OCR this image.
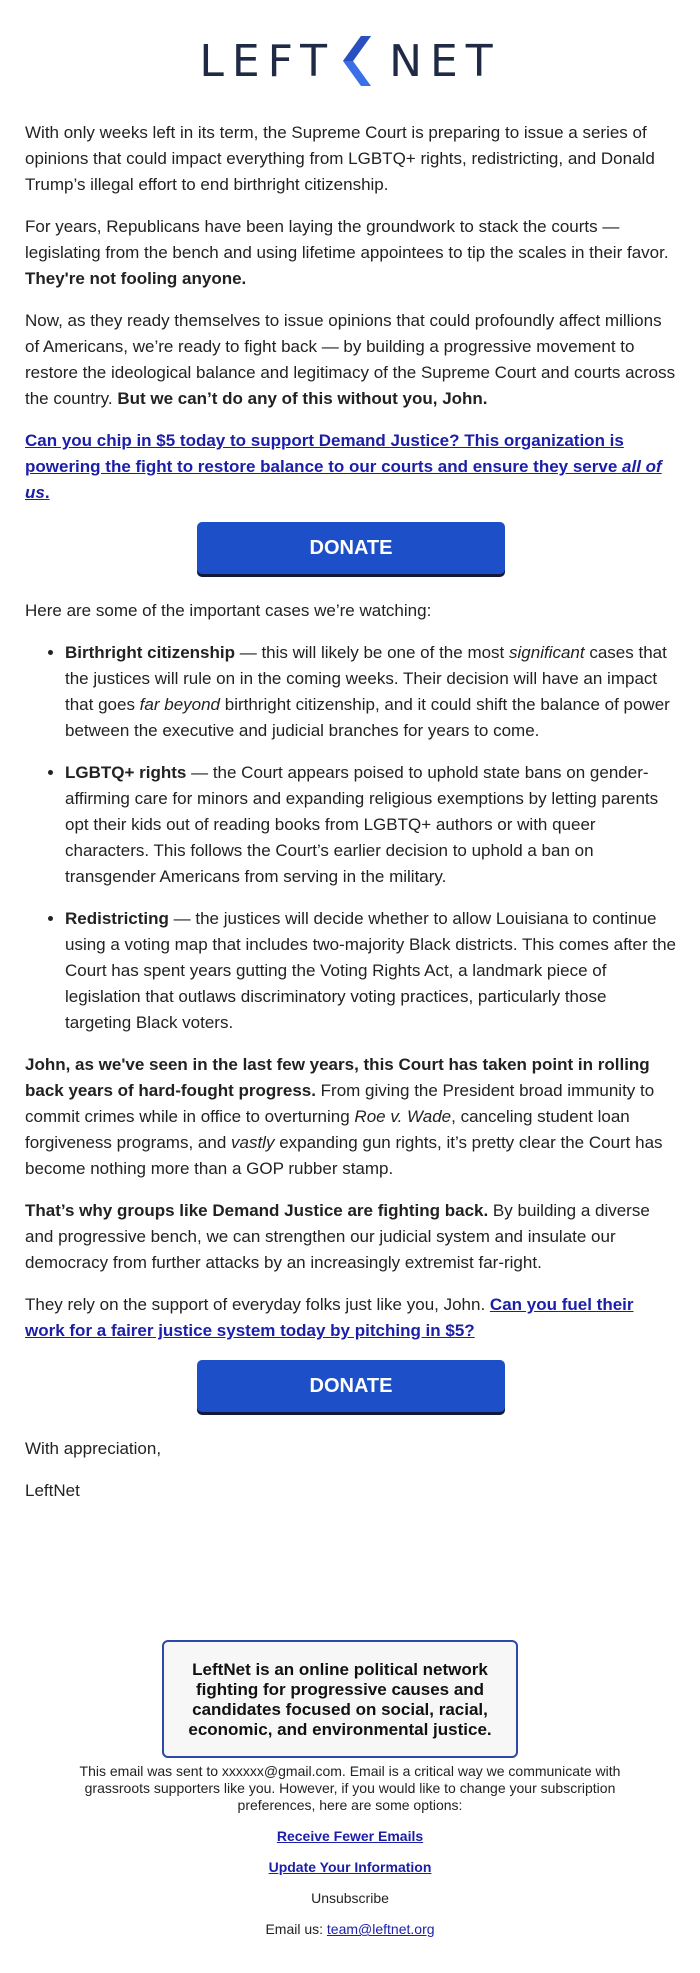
LEFT NET

With only weeks left in its term, the Supreme Court is preparing to issue a series of opinions that could impact everything from LGBTQ+ rights, redistricting, and Donald Trump’s illegal effort to end birthright citizenship.

For years, Republicans have been laying the groundwork to stack the courts — legislating from the bench and using lifetime appointees to tip the scales in their favor. They're not fooling anyone.

Now, as they ready themselves to issue opinions that could profoundly affect millions of Americans, we’re ready to fight back — by building a progressive movement to restore the ideological balance and legitimacy of the Supreme Court and courts across the country. But we can’t do any of this without you, John.

Can you chip in $5 today to support Demand Justice? This organization is powering the fight to restore balance to our courts and ensure they serve all of us.

DONATE

Here are some of the important cases we’re watching:

• Birthright citizenship — this will likely be one of the most significant cases that the justices will rule on in the coming weeks. Their decision will have an impact that goes far beyond birthright citizenship, and it could shift the balance of power between the executive and judicial branches for years to come.
• LGBTQ+ rights — the Court appears poised to uphold state bans on gender-affirming care for minors and expanding religious exemptions by letting parents opt their kids out of reading books from LGBTQ+ authors or with queer characters. This follows the Court’s earlier decision to uphold a ban on transgender Americans from serving in the military.
• Redistricting — the justices will decide whether to allow Louisiana to continue using a voting map that includes two-majority Black districts. This comes after the Court has spent years gutting the Voting Rights Act, a landmark piece of legislation that outlaws discriminatory voting practices, particularly those targeting Black voters.

John, as we've seen in the last few years, this Court has taken point in rolling back years of hard-fought progress. From giving the President broad immunity to commit crimes while in office to overturning Roe v. Wade, canceling student loan forgiveness programs, and vastly expanding gun rights, it’s pretty clear the Court has become nothing more than a GOP rubber stamp.

That’s why groups like Demand Justice are fighting back. By building a diverse and progressive bench, we can strengthen our judicial system and insulate our democracy from further attacks by an increasingly extremist far-right.

They rely on the support of everyday folks just like you, John. Can you fuel their work for a fairer justice system today by pitching in $5?

DONATE

With appreciation,

LeftNet

LeftNet is an online political network fighting for progressive causes and candidates focused on social, racial, economic, and environmental justice.

This email was sent to xxxxxx@gmail.com. Email is a critical way we communicate with grassroots supporters like you. However, if you would like to change your subscription preferences, here are some options:

Receive Fewer Emails

Update Your Information

Unsubscribe

Email us: team@leftnet.org
